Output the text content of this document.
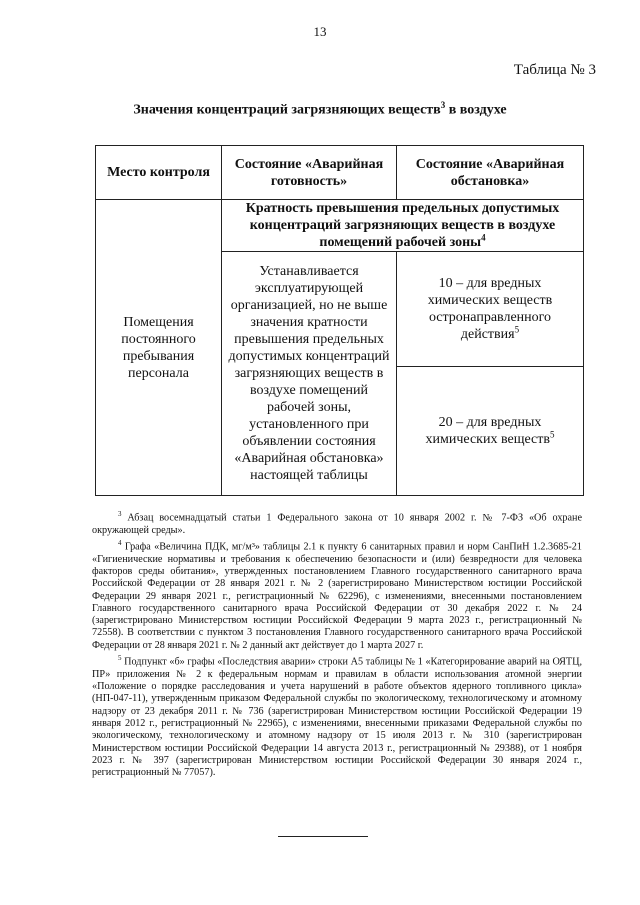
13
Таблица № 3
Значения концентраций загрязняющих веществ$^3$ в воздухе
Место контроля	Состояние «Аварийная готовность»	Состояние «Аварийная обстановка»
Помещения постоянного пребывания персонала	Кратность превышения предельных допустимых концентраций загрязняющих веществ в воздухе помещений рабочей зоны$^4$
	Устанавливается эксплуатирующей организацией, но не выше значения кратности превышения предельных допустимых концентраций загрязняющих веществ в воздухе помещений рабочей зоны, установленного при объявлении состояния «Аварийная обстановка» настоящей таблицы	10 – для вредных химических веществ остронаправленного действия$^5$
		20 – для вредных химических веществ$^5$

$^3$ Абзац восемнадцатый статьи 1 Федерального закона от 10 января 2002 г. № 7-ФЗ «Об охране окружающей среды».

$^4$ Графа «Величина ПДК, мг/м³» таблицы 2.1 к пункту 6 санитарных правил и норм СанПиН 1.2.3685-21 «Гигиенические нормативы и требования к обеспечению безопасности и (или) безвредности для человека факторов среды обитания», утвержденных постановлением Главного государственного санитарного врача Российской Федерации от 28 января 2021 г. № 2 (зарегистрировано Министерством юстиции Российской Федерации 29 января 2021 г., регистрационный № 62296), с изменениями, внесенными постановлением Главного государственного санитарного врача Российской Федерации от 30 декабря 2022 г. № 24 (зарегистрировано Министерством юстиции Российской Федерации 9 марта 2023 г., регистрационный № 72558). В соответствии с пунктом 3 постановления Главного государственного санитарного врача Российской Федерации от 28 января 2021 г. № 2 данный акт действует до 1 марта 2027 г.

$^5$ Подпункт «б» графы «Последствия аварии» строки А5 таблицы № 1 «Категорирование аварий на ОЯТЦ, ПР» приложения № 2 к федеральным нормам и правилам в области использования атомной энергии «Положение о порядке расследования и учета нарушений в работе объектов ядерного топливного цикла» (НП-047-11), утвержденным приказом Федеральной службы по экологическому, технологическому и атомному надзору от 23 декабря 2011 г. № 736 (зарегистрирован Министерством юстиции Российской Федерации 19 января 2012 г., регистрационный № 22965), с изменениями, внесенными приказами Федеральной службы по экологическому, технологическому и атомному надзору от 15 июля 2013 г. № 310 (зарегистрирован Министерством юстиции Российской Федерации 14 августа 2013 г., регистрационный № 29388), от 1 ноября 2023 г. № 397 (зарегистрирован Министерством юстиции Российской Федерации 30 января 2024 г., регистрационный № 77057).
